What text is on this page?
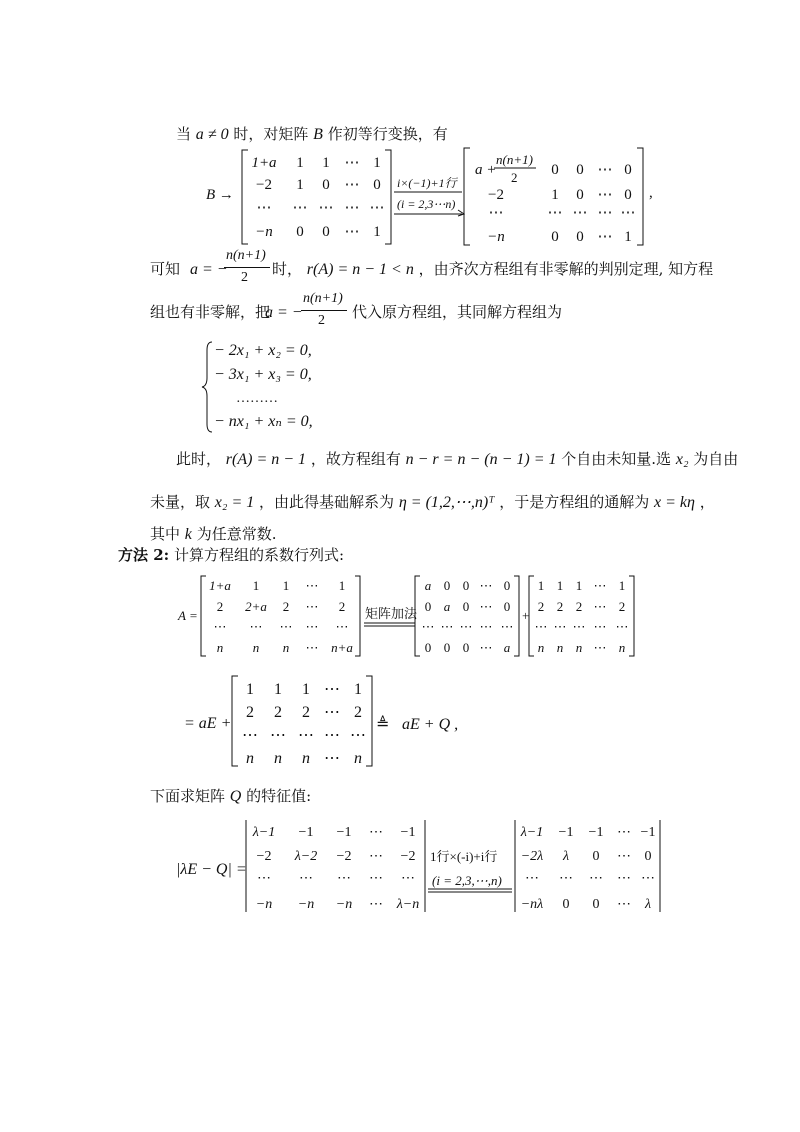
当 a ≠ 0 时，对矩阵 B 作初等行变换，有
B →
1+a 1 1 ⋯ 1
−2 1 0 ⋯ 0
⋯ ⋯ ⋯ ⋯ ⋯
−n 0 0 ⋯ 1
i×(−1)+1行
(i = 2,3⋯n)
a +
n(n+1)
2 0 0 ⋯ 0
1 0 ⋯ 0
⋯ ⋯ ⋯ ⋯
0 0 ⋯ 1
−2
⋯
−n
,
可知 a = −
n(n+1)
2 时， r(A) = n − 1 < n ，由齐次方程组有非零解的判别定理, 知方程
组也有非零解，把
a = −
n(n+1)
2 代入原方程组，其同解方程组为
− 2x₁ + x₂ = 0,
− 3x₁ + x₃ = 0,
………
− nx₁ + xₙ = 0,
此时， r(A) = n − 1 ，故方程组有 n − r = n − (n − 1) = 1 个自由未知量.选 x₂ 为自由
未量，取 x₂ = 1 ，由此得基础解系为 η = (1,2,⋯,n)ᵀ ，于是方程组的通解为 x = kη ，
其中 k 为任意常数.
方法 2: 计算方程组的系数行列式:
A =
1+a 1 1 ⋯ 1
2 2+a 2 ⋯ 2
⋯ ⋯ ⋯ ⋯ ⋯
n n n ⋯ n+a
矩阵加法
a 0 0 ⋯ 0
0 a 0 ⋯ 0
⋯ ⋯ ⋯ ⋯ ⋯
0 0 0 ⋯ a
+
1 1 1 ⋯ 1
2 2 2 ⋯ 2
⋯ ⋯ ⋯ ⋯ ⋯
n n n ⋯ n
= aE +
1 1 1 ⋯ 1
2 2 2 ⋯ 2
⋯ ⋯ ⋯ ⋯ ⋯
n n n ⋯ n
≜ aE + Q ,
下面求矩阵 Q 的特征值:
|λE − Q| =
λ−1 −1 −1 ⋯ −1
−2 λ−2 −2 ⋯ −2
⋯ ⋯ ⋯ ⋯ ⋯
−n −n −n ⋯ λ−n
1行×(-i)+i行
(i = 2,3,⋯,n)
λ−1 −1 −1 ⋯ −1
−2λ λ 0 ⋯ 0
⋯ ⋯ ⋯ ⋯ ⋯
−nλ 0 0 ⋯ λ
